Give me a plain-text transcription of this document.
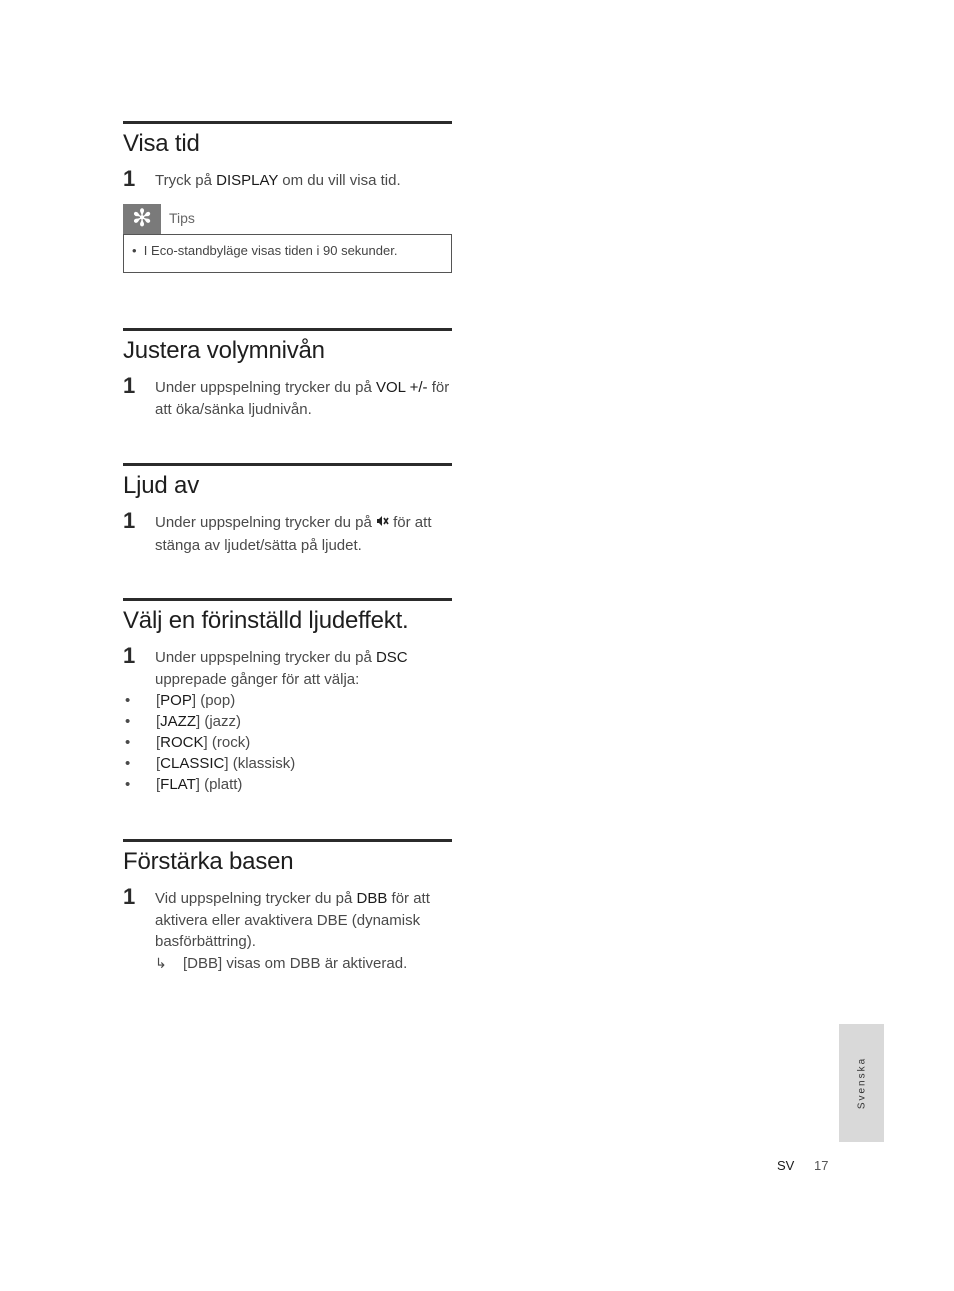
Visa tid
1 Tryck på DISPLAY om du vill visa tid.
✻	Tips
• I Eco-standbyläge visas tiden i 90 sekunder.
Justera volymnivån
1 Under uppspelning trycker du på VOL +/- för att öka/sänka ljudnivån.
Ljud av
1 Under uppspelning trycker du på  för att stänga av ljudet/sätta på ljudet.
Välj en förinställd ljudeffekt.
1 Under uppspelning trycker du på DSC upprepade gånger för att välja:
• [POP] (pop)
• [JAZZ] (jazz)
• [ROCK] (rock)
• [CLASSIC] (klassisk)
• [FLAT] (platt)
Förstärka basen
1 Vid uppspelning trycker du på DBB för att aktivera eller avaktivera DBE (dynamisk basförbättring).
↳ [DBB] visas om DBB är aktiverad.
Svenska
SV 17
